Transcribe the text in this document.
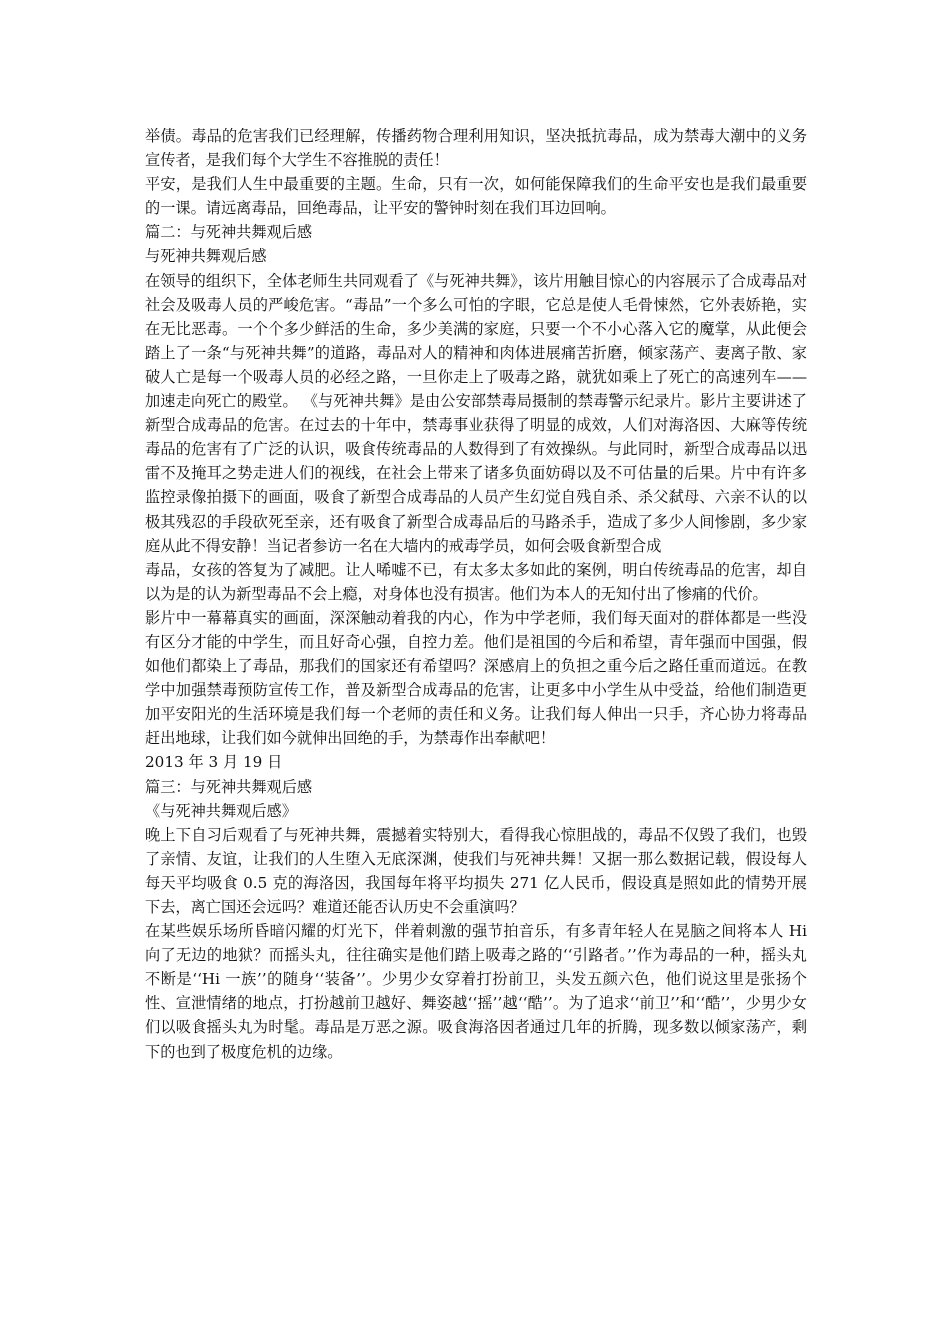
举债。毒品的危害我们已经理解，传播药物合理利用知识，坚决抵抗毒品，成为禁毒大潮中的义务宣传者，是我们每个大学生不容推脱的责任！

平安，是我们人生中最重要的主题。生命，只有一次，如何能保障我们的生命平安也是我们最重要的一课。请远离毒品，回绝毒品，让平安的警钟时刻在我们耳边回响。

篇二：与死神共舞观后感

与死神共舞观后感

在领导的组织下，全体老师生共同观看了《与死神共舞》，该片用触目惊心的内容展示了合成毒品对社会及吸毒人员的严峻危害。“毒品”一个多么可怕的字眼，它总是使人毛骨悚然，它外表娇艳，实在无比恶毒。一个个多少鲜活的生命，多少美满的家庭，只要一个不小心落入它的魔掌，从此便会踏上了一条“与死神共舞”的道路，毒品对人的精神和肉体进展痛苦折磨，倾家荡产、妻离子散、家破人亡是每一个吸毒人员的必经之路，一旦你走上了吸毒之路，就犹如乘上了死亡的高速列车——加速走向死亡的殿堂。 《与死神共舞》是由公安部禁毒局摄制的禁毒警示纪录片。影片主要讲述了新型合成毒品的危害。在过去的十年中，禁毒事业获得了明显的成效，人们对海洛因、大麻等传统毒品的危害有了广泛的认识，吸食传统毒品的人数得到了有效操纵。与此同时，新型合成毒品以迅雷不及掩耳之势走进人们的视线，在社会上带来了诸多负面妨碍以及不可估量的后果。片中有许多监控录像拍摄下的画面，吸食了新型合成毒品的人员产生幻觉自残自杀、杀父弑母、六亲不认的以极其残忍的手段砍死至亲，还有吸食了新型合成毒品后的马路杀手，造成了多少人间惨剧，多少家庭从此不得安静！当记者参访一名在大墙内的戒毒学员，如何会吸食新型合成

毒品，女孩的答复为了减肥。让人唏嘘不已，有太多太多如此的案例，明白传统毒品的危害，却自以为是的认为新型毒品不会上瘾，对身体也没有损害。他们为本人的无知付出了惨痛的代价。

影片中一幕幕真实的画面，深深触动着我的内心，作为中学老师，我们每天面对的群体都是一些没有区分才能的中学生，而且好奇心强，自控力差。他们是祖国的今后和希望，青年强而中国强，假如他们都染上了毒品，那我们的国家还有希望吗？深感肩上的负担之重今后之路任重而道远。在教学中加强禁毒预防宣传工作，普及新型合成毒品的危害，让更多中小学生从中受益，给他们制造更加平安阳光的生活环境是我们每一个老师的责任和义务。让我们每人伸出一只手，齐心协力将毒品赶出地球，让我们如今就伸出回绝的手，为禁毒作出奉献吧！

2013 年 3 月 19 日

篇三：与死神共舞观后感

《与死神共舞观后感》

晚上下自习后观看了与死神共舞，震撼着实特别大，看得我心惊胆战的，毒品不仅毁了我们，也毁了亲情、友谊，让我们的人生堕入无底深渊，使我们与死神共舞！又据一那么数据记载，假设每人每天平均吸食 0.5 克的海洛因，我国每年将平均损失 271 亿人民币，假设真是照如此的情势开展下去，离亡国还会远吗？难道还能否认历史不会重演吗？

在某些娱乐场所昏暗闪耀的灯光下，伴着刺激的强节拍音乐，有多青年轻人在晃脑之间将本人 Hi 向了无边的地狱？而摇头丸，往往确实是他们踏上吸毒之路的‘‘引路者。’’作为毒品的一种，摇头丸不断是‘‘Hi 一族’’的随身‘‘装备’’。少男少女穿着打扮前卫，头发五颜六色，他们说这里是张扬个性、宣泄情绪的地点，打扮越前卫越好、舞姿越‘‘摇’’越‘‘酷’’。为了追求‘‘前卫’’和‘‘酷’’，少男少女们以吸食摇头丸为时髦。毒品是万恶之源。吸食海洛因者通过几年的折腾，现多数以倾家荡产，剩下的也到了极度危机的边缘。
